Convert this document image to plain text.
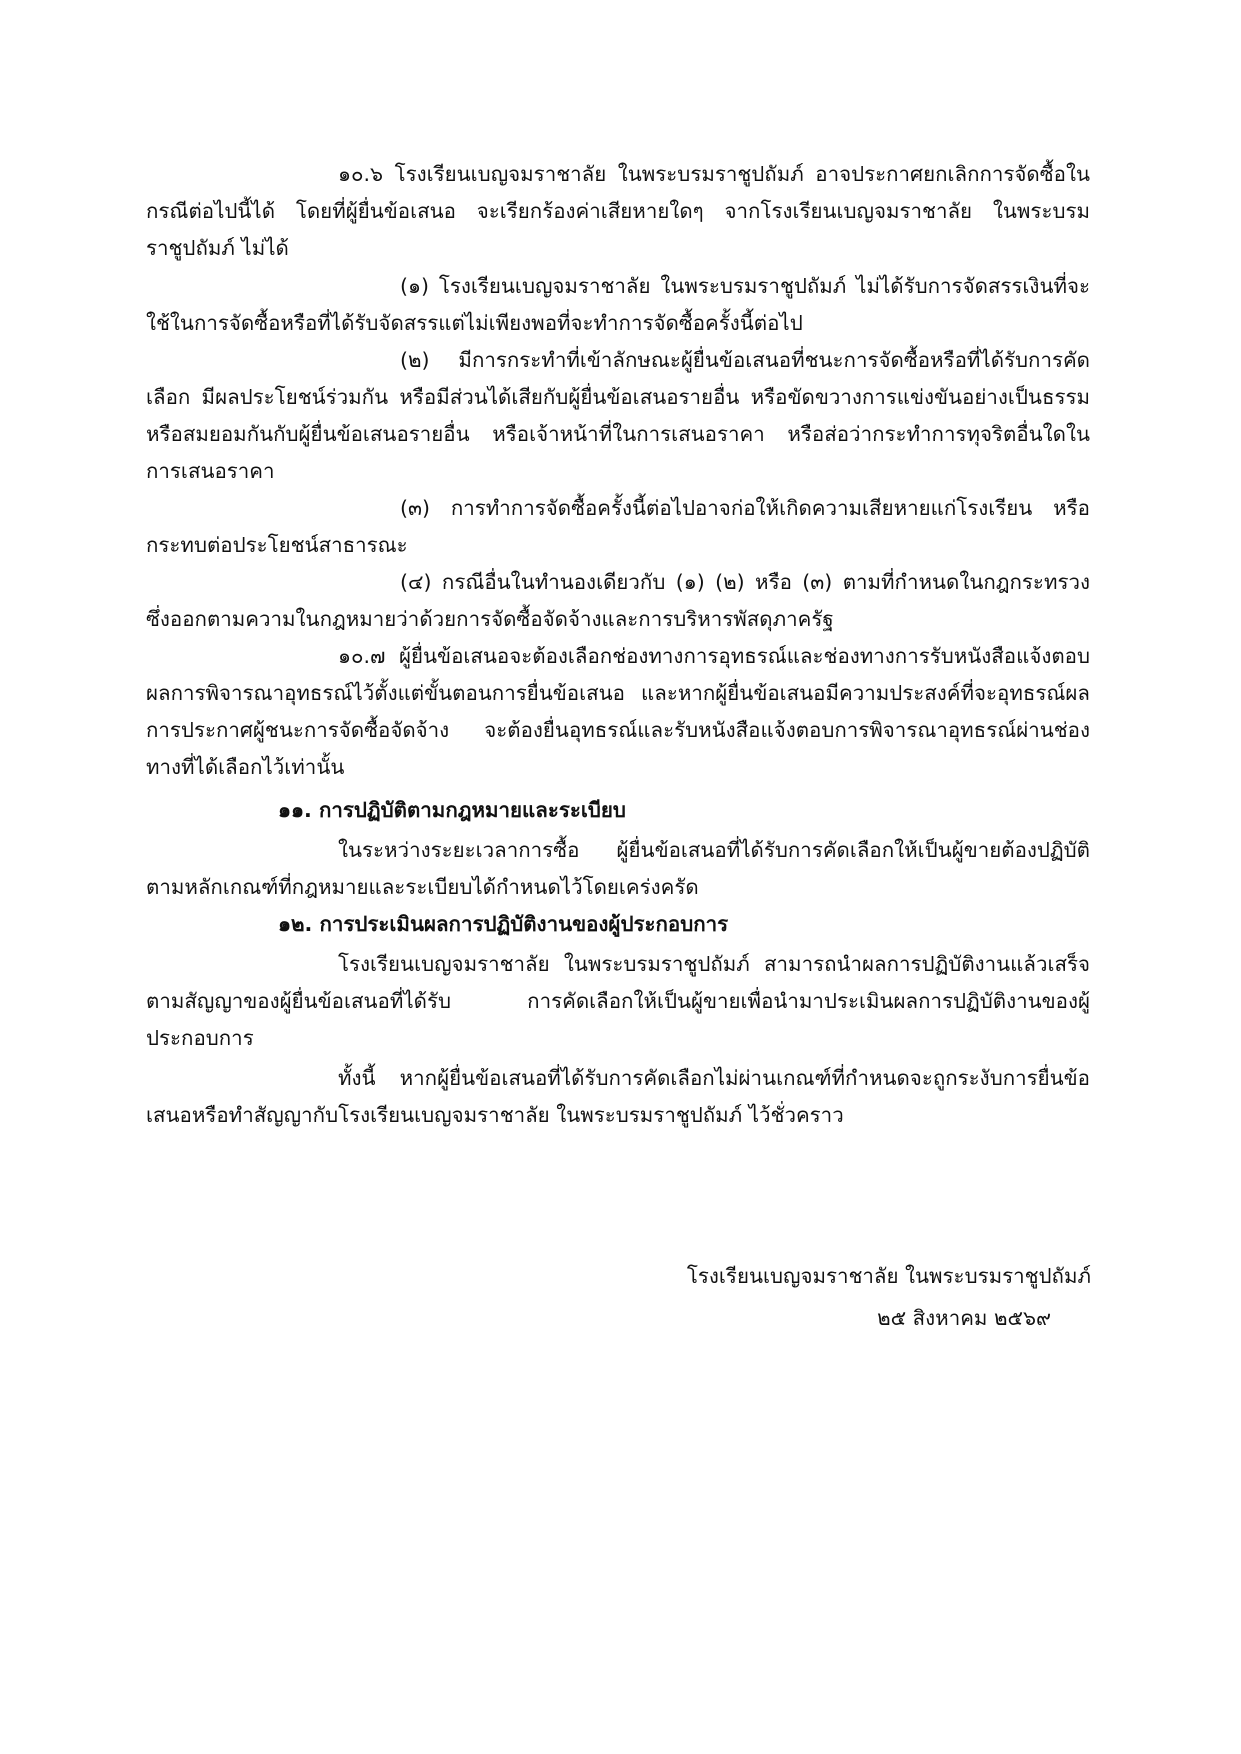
๑๐.๖ โรงเรียนเบญจมราชาลัย ในพระบรมราชูปถัมภ์ อาจประกาศยกเลิกการจัดซื้อในกรณีต่อไปนี้ได้ โดยที่ผู้ยื่นข้อเสนอ จะเรียกร้องค่าเสียหายใดๆ จากโรงเรียนเบญจมราชาลัย ในพระบรมราชูปถัมภ์ ไม่ได้

(๑) โรงเรียนเบญจมราชาลัย ในพระบรมราชูปถัมภ์ ไม่ได้รับการจัดสรรเงินที่จะใช้ในการจัดซื้อหรือที่ได้รับจัดสรรแต่ไม่เพียงพอที่จะทำการจัดซื้อครั้งนี้ต่อไป

(๒) มีการกระทำที่เข้าลักษณะผู้ยื่นข้อเสนอที่ชนะการจัดซื้อหรือที่ได้รับการคัดเลือก มีผลประโยชน์ร่วมกัน หรือมีส่วนได้เสียกับผู้ยื่นข้อเสนอรายอื่น หรือขัดขวางการแข่งขันอย่างเป็นธรรม หรือสมยอมกันกับผู้ยื่นข้อเสนอรายอื่น หรือเจ้าหน้าที่ในการเสนอราคา หรือส่อว่ากระทำการทุจริตอื่นใดในการเสนอราคา

(๓) การทำการจัดซื้อครั้งนี้ต่อไปอาจก่อให้เกิดความเสียหายแก่โรงเรียน หรือกระทบต่อประโยชน์สาธารณะ

(๔) กรณีอื่นในทำนองเดียวกับ (๑) (๒) หรือ (๓) ตามที่กำหนดในกฎกระทรวงซึ่งออกตามความในกฎหมายว่าด้วยการจัดซื้อจัดจ้างและการบริหารพัสดุภาครัฐ

๑๐.๗ ผู้ยื่นข้อเสนอจะต้องเลือกช่องทางการอุทธรณ์และช่องทางการรับหนังสือแจ้งตอบผลการพิจารณาอุทธรณ์ไว้ตั้งแต่ขั้นตอนการยื่นข้อเสนอ และหากผู้ยื่นข้อเสนอมีความประสงค์ที่จะอุทธรณ์ผลการประกาศผู้ชนะการจัดซื้อจัดจ้าง จะต้องยื่นอุทธรณ์และรับหนังสือแจ้งตอบการพิจารณาอุทธรณ์ผ่านช่องทางที่ได้เลือกไว้เท่านั้น

๑๑. การปฏิบัติตามกฎหมายและระเบียบ

ในระหว่างระยะเวลาการซื้อ ผู้ยื่นข้อเสนอที่ได้รับการคัดเลือกให้เป็นผู้ขายต้องปฏิบัติตามหลักเกณฑ์ที่กฎหมายและระเบียบได้กำหนดไว้โดยเคร่งครัด

๑๒. การประเมินผลการปฏิบัติงานของผู้ประกอบการ

โรงเรียนเบญจมราชาลัย ในพระบรมราชูปถัมภ์ สามารถนำผลการปฏิบัติงานแล้วเสร็จตามสัญญาของผู้ยื่นข้อเสนอที่ได้รับ การคัดเลือกให้เป็นผู้ขายเพื่อนำมาประเมินผลการปฏิบัติงานของผู้ประกอบการ

ทั้งนี้ หากผู้ยื่นข้อเสนอที่ได้รับการคัดเลือกไม่ผ่านเกณฑ์ที่กำหนดจะถูกระงับการยื่นข้อเสนอหรือทำสัญญากับโรงเรียนเบญจมราชาลัย ในพระบรมราชูปถัมภ์ ไว้ชั่วคราว

โรงเรียนเบญจมราชาลัย ในพระบรมราชูปถัมภ์

๒๕ สิงหาคม ๒๕๖๙
